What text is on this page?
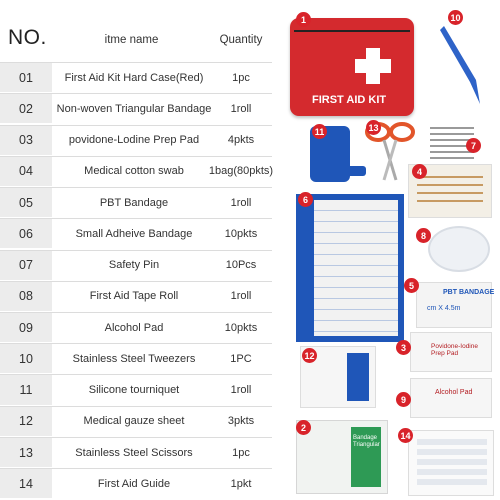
NO.	itme name	Quantity
01	First Aid Kit Hard Case(Red)	1pc
02	Non-woven Triangular Bandage	1roll
03	povidone-Lodine Prep Pad	4pkts
04	Medical cotton swab	1bag(80pkts)
05	PBT Bandage	1roll
06	Small Adheive Bandage	10pkts
07	Safety Pin	10Pcs
08	First Aid Tape Roll	1roll
09	Alcohol Pad	10pkts
10	Stainless Steel Tweezers	1PC
11	Silicone tourniquet	1roll
12	Medical gauze sheet	3pkts
13	Stainless Steel Scissors	1pc
14	First Aid Guide	1pkt
FIRST AID KIT
1	10
11	13
7
4
6
8
PBT BANDAGE
cm X 4.5m
5
12
Povidone-Iodine Prep Pad
3
Alcohol Pad
9
Bandage Triangular
2
14
